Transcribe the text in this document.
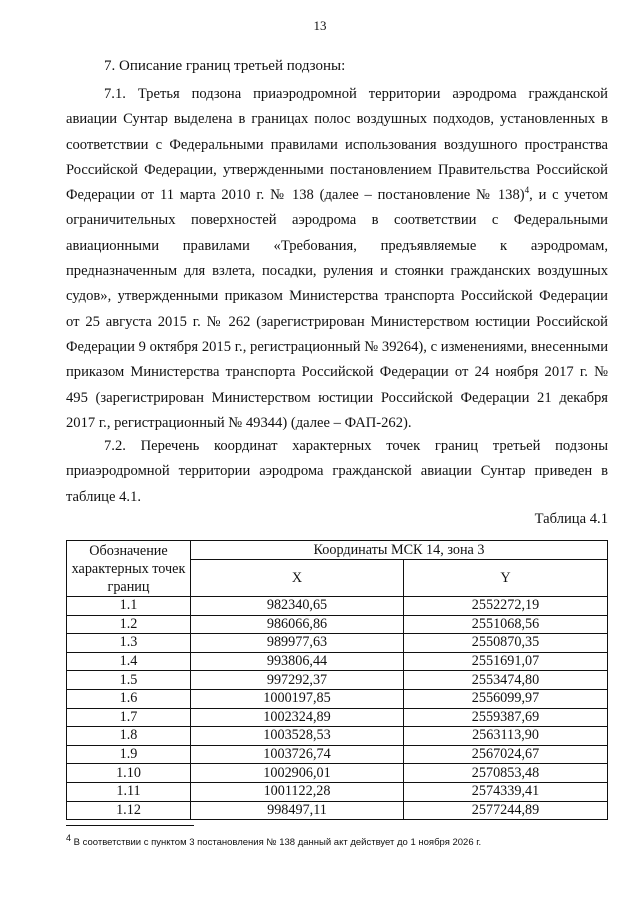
13
7. Описание границ третьей подзоны:

7.1. Третья подзона приаэродромной территории аэродрома гражданской авиации Сунтар выделена в границах полос воздушных подходов, установленных в соответствии с Федеральными правилами использования воздушного пространства Российской Федерации, утвержденными постановлением Правительства Российской Федерации от 11 марта 2010 г. № 138 (далее – постановление № 138)$^4$, и с учетом ограничительных поверхностей аэродрома в соответствии с Федеральными авиационными правилами «Требования, предъявляемые к аэродромам, предназначенным для взлета, посадки, руления и стоянки гражданских воздушных судов», утвержденными приказом Министерства транспорта Российской Федерации от 25 августа 2015 г. № 262 (зарегистрирован Министерством юстиции Российской Федерации 9 октября 2015 г., регистрационный № 39264), с изменениями, внесенными приказом Министерства транспорта Российской Федерации от 24 ноября 2017 г. № 495 (зарегистрирован Министерством юстиции Российской Федерации 21 декабря 2017 г., регистрационный № 49344) (далее – ФАП-262).

7.2. Перечень координат характерных точек границ третьей подзоны приаэродромной территории аэродрома гражданской авиации Сунтар приведен в таблице 4.1.

Таблица 4.1
Обозначение характерных точек границ	Координаты МСК 14, зона 3	
	X	Y
1.1	982340,65	2552272,19
1.2	986066,86	2551068,56
1.3	989977,63	2550870,35
1.4	993806,44	2551691,07
1.5	997292,37	2553474,80
1.6	1000197,85	2556099,97
1.7	1002324,89	2559387,69
1.8	1003528,53	2563113,90
1.9	1003726,74	2567024,67
1.10	1002906,01	2570853,48
1.11	1001122,28	2574339,41
1.12	998497,11	2577244,89
$^4$ В соответствии с пунктом 3 постановления № 138 данный акт действует до 1 ноября 2026 г.
